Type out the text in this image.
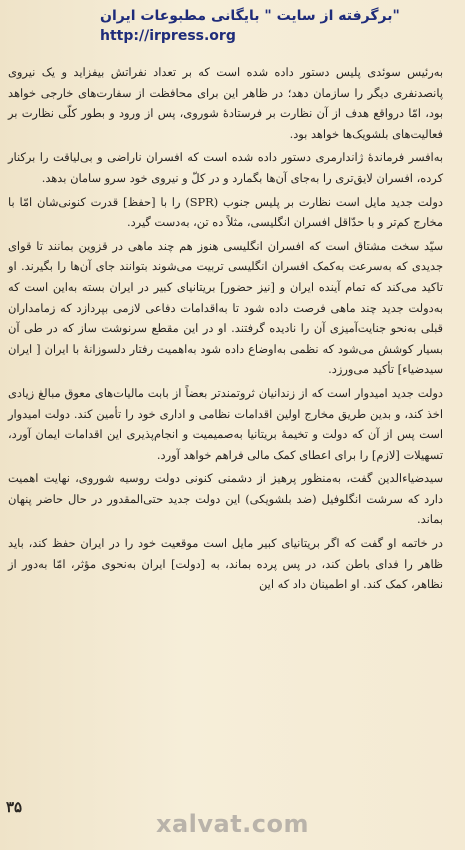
برگرفته از سایت " بایگانی مطبوعات ایران"
http://irpress.org

به‌رئیس سوئدی پلیس دستور داده شده است که بر تعداد نفراتش بیفزاید و یک نیروی پانصدنفری دیگر را سازمان دهد؛ در ظاهر این برای محافظت از سفارت‌های خارجی خواهد بود، امّا درواقع هدف از آن نظارت بر فرستادهٔ شوروی، پس از ورود و بطور کلّی نظارت بر فعالیت‌های بلشویک‌ها خواهد بود.

به‌افسر فرماندهٔ ژاندارمری دستور داده شده است که افسران ناراضی و بی‌لیاقت را برکنار کرده، افسران لایق‌تری را به‌جای آن‌ها بگمارد و در کلّ و نیروی خود سرو سامان بدهد.

دولت جدید مایل است نظارت بر پلیس جنوب (SPR) را با [حفظ] قدرت کنونی‌شان امّا با مخارج کم‌تر و با حدّاقل افسران انگلیسی، مثلاً ده تن، به‌دست گیرد.

سیّد سخت مشتاق است که افسران انگلیسی هنوز هم چند ماهی در قزوین بمانند تا قوای جدیدی که به‌سرعت به‌کمک افسران انگلیسی تربیت می‌شوند بتوانند جای آن‌ها را بگیرند. او تاکید می‌کند که تمام آینده ایران و [نیز حضور] بریتانیای کبیر در ایران بسته به‌این است که به‌دولت جدید چند ماهی فرصت داده شود تا به‌اقدامات دفاعی لازمی بپردازد که زمامداران قبلی به‌نحو جنایت‌آمیزی آن را نادیده گرفتند. او در این مقطع سرنوشت ساز که در طی آن بسیار کوشش می‌شود که نظمی به‌اوضاع داده شود به‌اهمیت رفتار دلسوزانهٔ با ایران [ ایران سیدضیاء] تأکید می‌ورزد.

دولت جدید امیدوار است که از زندانیان ثروتمندتر بعضاً از بابت مالیات‌های معوق مبالغ زیادی اخذ کند، و بدین طریق مخارج اولین اقدامات نظامی و اداری خود را تأمین کند. دولت امیدوار است پس از آن که دولت و تخیمهٔ بریتانیا به‌صمیمیت و انجام‌پذیری این اقدامات ایمان آورد، تسهیلات [لازم] را برای اعطای کمک مالی فراهم خواهد آورد.

سیدضیاءالدین گفت، به‌منظور پرهیز از دشمنی کنونی دولت روسیه شوروی، نهایت اهمیت دارد که سرشت انگلوفیل (ضد بلشویکی) این دولت جدید حتی‌المقدور در حال حاضر پنهان بماند.

در خاتمه او گفت که اگر بریتانیای کبیر مایل است موقعیت خود را در ایران حفظ کند، باید ظاهر را فدای باطن کند، در پس پرده بماند، به [دولت] ایران به‌نحوی مؤثر، امّا به‌دور از نظاهر، کمک کند. او اطمینان داد که این

۳۵
xalvat.com
